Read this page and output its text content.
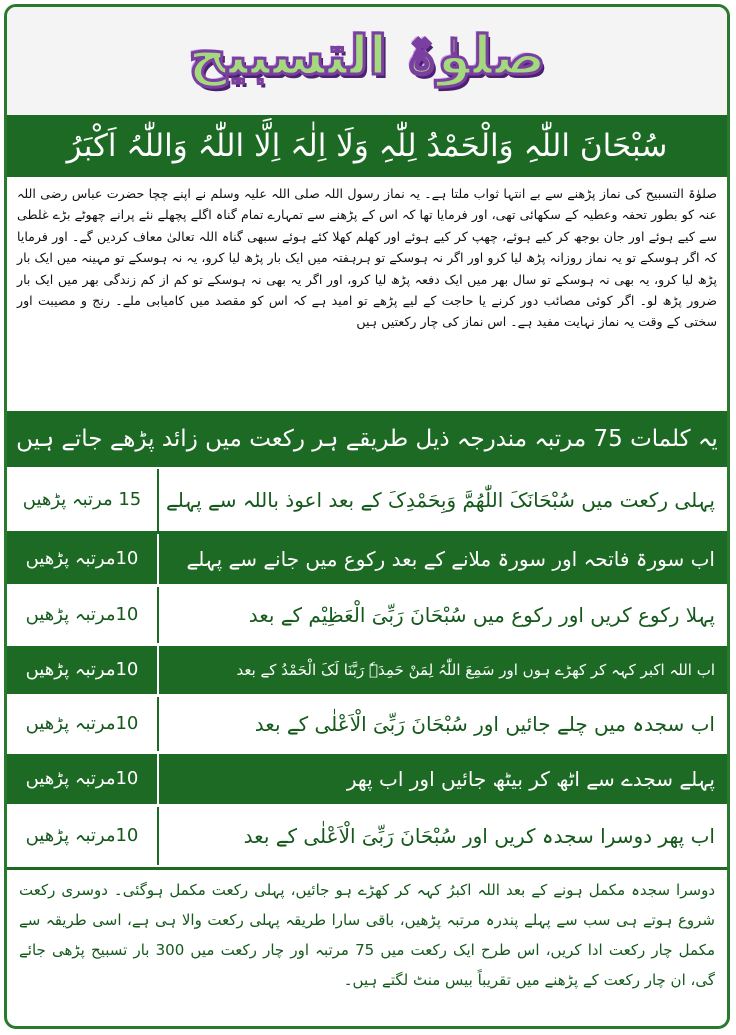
صلوٰۃ التسبیح
سُبْحَانَ اللّٰہِ وَالْحَمْدُ لِلّٰہِ وَلَا اِلٰہَ اِلَّا اللّٰہُ وَاللّٰہُ اَکْبَرُ
صلوٰۃ التسبیح کی نماز پڑھنے سے بے انتہا ثواب ملتا ہے۔ یہ نماز رسول اللہ صلی اللہ علیہ وسلم نے اپنے چچا حضرت عباس رضی اللہ عنہ کو بطور تحفہ وعطیہ کے سکھائی تھی، اور فرمایا تھا کہ اس کے پڑھنے سے تمہارے تمام گناہ اگلے پچھلے نئے پرانے چھوٹے بڑے غلطی سے کیے ہوئے اور جان بوجھ کر کیے ہوئے، چھپ کر کیے ہوئے اور کھلم کھلا کئے ہوئے سبھی گناہ اللہ تعالیٰ معاف کردیں گے۔ اور فرمایا کہ اگر ہوسکے تو یہ نماز روزانہ پڑھ لیا کرو اور اگر نہ ہوسکے تو ہرہفتہ میں ایک بار پڑھ لیا کرو، یہ نہ ہوسکے تو مہینہ میں ایک بار پڑھ لیا کرو، یہ بھی نہ ہوسکے تو سال بھر میں ایک دفعہ پڑھ لیا کرو، اور اگر یہ بھی نہ ہوسکے تو کم از کم زندگی بھر میں ایک بار ضرور پڑھ لو۔ اگر کوئی مصائب دور کرنے یا حاجت کے لیے پڑھے تو امید ہے کہ اس کو مقصد میں کامیابی ملے۔ رنج و مصیبت اور سختی کے وقت یہ نماز نہایت مفید ہے۔ اس نماز کی چار رکعتیں ہیں
یہ کلمات 75 مرتبہ مندرجہ ذیل طریقے ہر رکعت میں زائد پڑھے جاتے ہیں
پہلی رکعت میں سُبْحَانَکَ اللّٰھُمَّ وَبِحَمْدِکَ کے بعد اعوذ باللہ سے پہلے
15 مرتبہ پڑھیں
اب سورۃ فاتحہ اور سورۃ ملانے کے بعد رکوع میں جانے سے پہلے
10مرتبہ پڑھیں
پہلا رکوع کریں اور رکوع میں سُبْحَانَ رَبِّیَ الْعَظِیْم کے بعد
10مرتبہ پڑھیں
اب اللہ اکبر کہہ کر کھڑے ہوں اور سَمِعَ اللّٰہُ لِمَنْ حَمِدَہٗ رَبَّنَا لَکَ الْحَمْدُ کے بعد
10مرتبہ پڑھیں
اب سجدہ میں چلے جائیں اور سُبْحَانَ رَبِّیَ الْاَعْلٰی کے بعد
10مرتبہ پڑھیں
پہلے سجدے سے اٹھ کر بیٹھ جائیں اور اب پھر
10مرتبہ پڑھیں
اب پھر دوسرا سجدہ کریں اور سُبْحَانَ رَبِّیَ الْاَعْلٰی کے بعد
10مرتبہ پڑھیں
دوسرا سجدہ مکمل ہونے کے بعد اللہ اکبرُ کہہ کر کھڑے ہو جائیں، پہلی رکعت مکمل ہوگئی۔ دوسری رکعت شروع ہوتے ہی سب سے پہلے پندرہ مرتبہ پڑھیں، باقی سارا طریقہ پہلی رکعت والا ہی ہے، اسی طریقہ سے مکمل چار رکعت ادا کریں، اس طرح ایک رکعت میں 75 مرتبہ اور چار رکعت میں 300 بار تسبیح پڑھی جائے گی، ان چار رکعت کے پڑھنے میں تقریباً بیس منٹ لگتے ہیں۔
